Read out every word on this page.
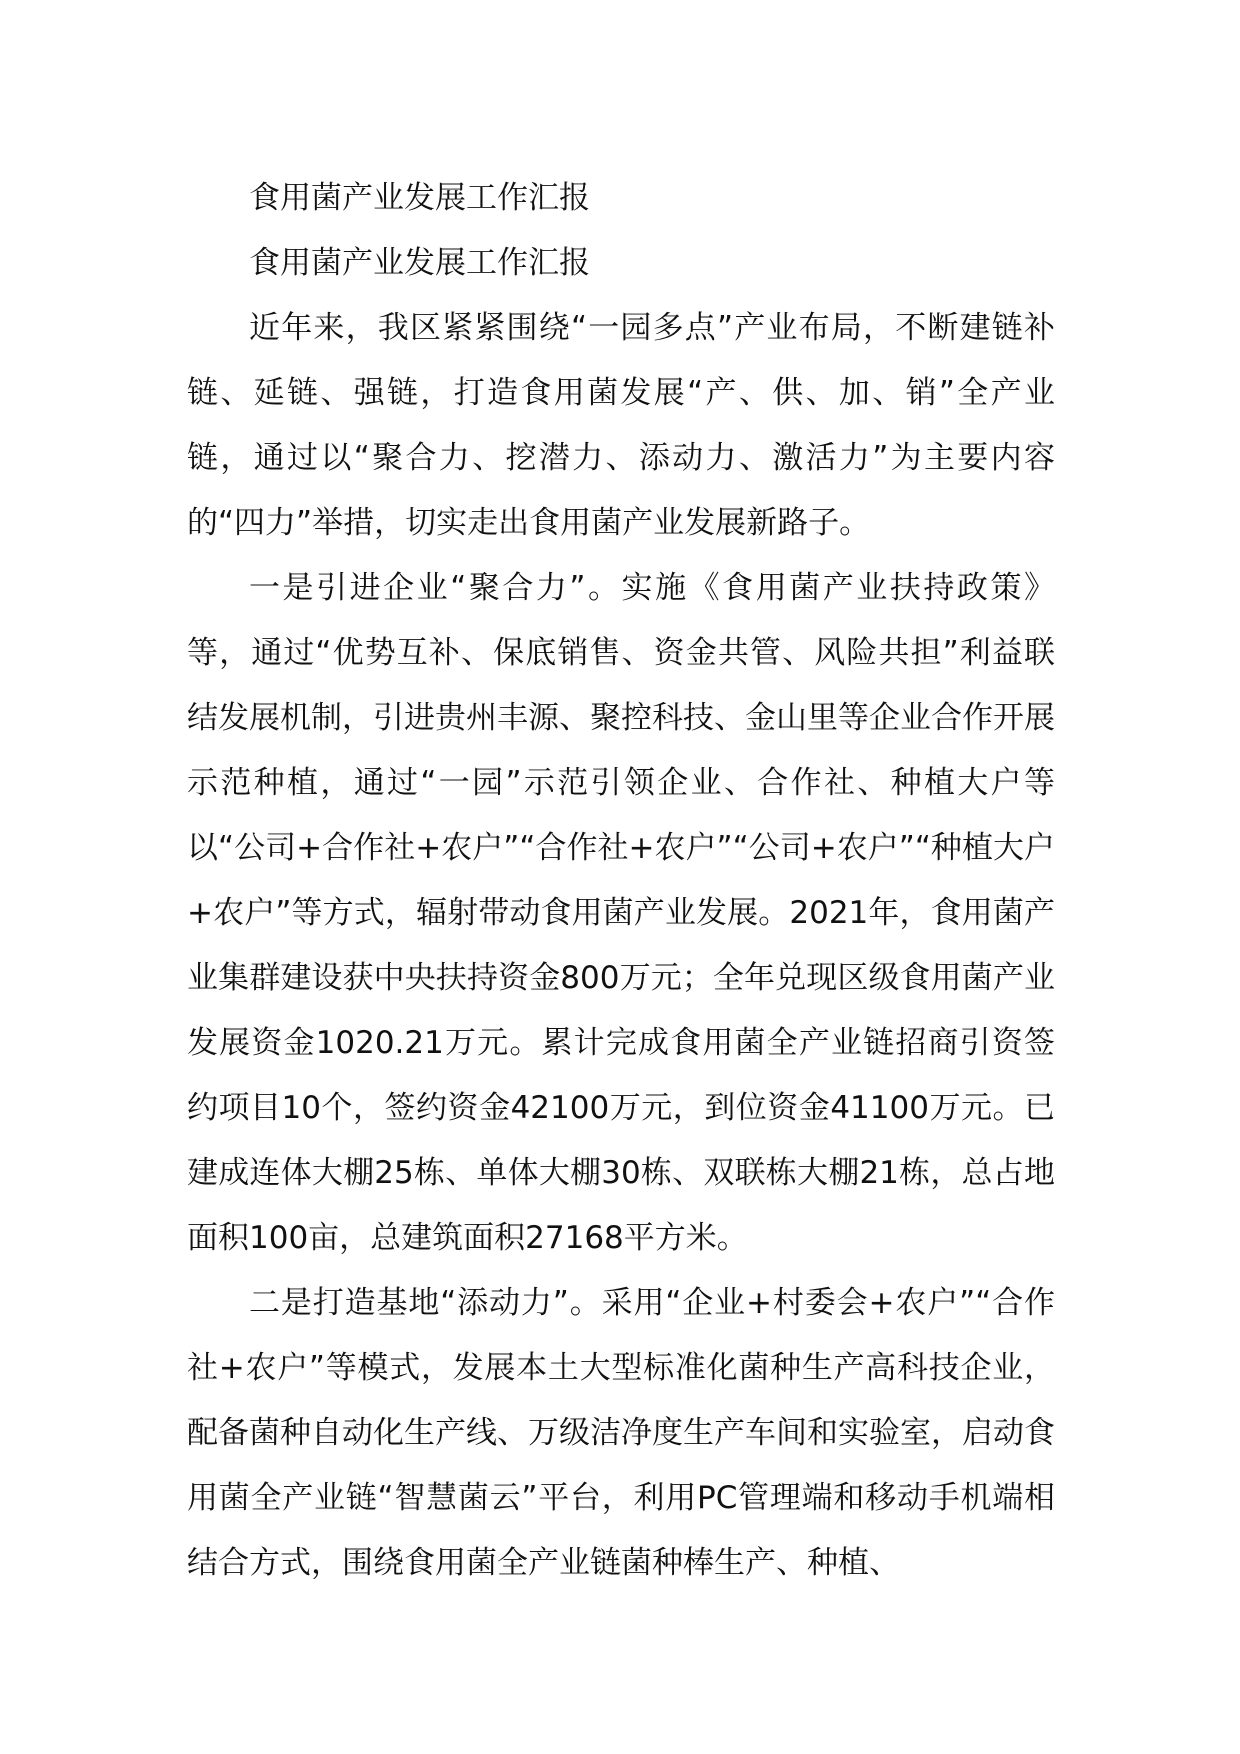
食用菌产业发展工作汇报

食用菌产业发展工作汇报

近年来，我区紧紧围绕“一园多点”产业布局，不断建链补链、延链、强链，打造食用菌发展“产、供、加、销”全产业链，通过以“聚合力、挖潜力、添动力、激活力”为主要内容的“四力”举措，切实走出食用菌产业发展新路子。

一是引进企业“聚合力”。实施《食用菌产业扶持政策》等，通过“优势互补、保底销售、资金共管、风险共担”利益联结发展机制，引进贵州丰源、聚控科技、金山里等企业合作开展示范种植，通过“一园”示范引领企业、合作社、种植大户等以“公司+合作社+农户”“合作社+农户”“公司+农户”“种植大户+农户”等方式，辐射带动食用菌产业发展。2021年，食用菌产业集群建设获中央扶持资金800万元；全年兑现区级食用菌产业发展资金1020.21万元。累计完成食用菌全产业链招商引资签约项目10个，签约资金42100万元，到位资金41100万元。已建成连体大棚25栋、单体大棚30栋、双联栋大棚21栋，总占地面积100亩，总建筑面积27168平方米。

二是打造基地“添动力”。采用“企业+村委会+农户”“合作社+农户”等模式，发展本土大型标准化菌种生产高科技企业，配备菌种自动化生产线、万级洁净度生产车间和实验室，启动食用菌全产业链“智慧菌云”平台，利用PC管理端和移动手机端相结合方式，围绕食用菌全产业链菌种棒生产、种植、
